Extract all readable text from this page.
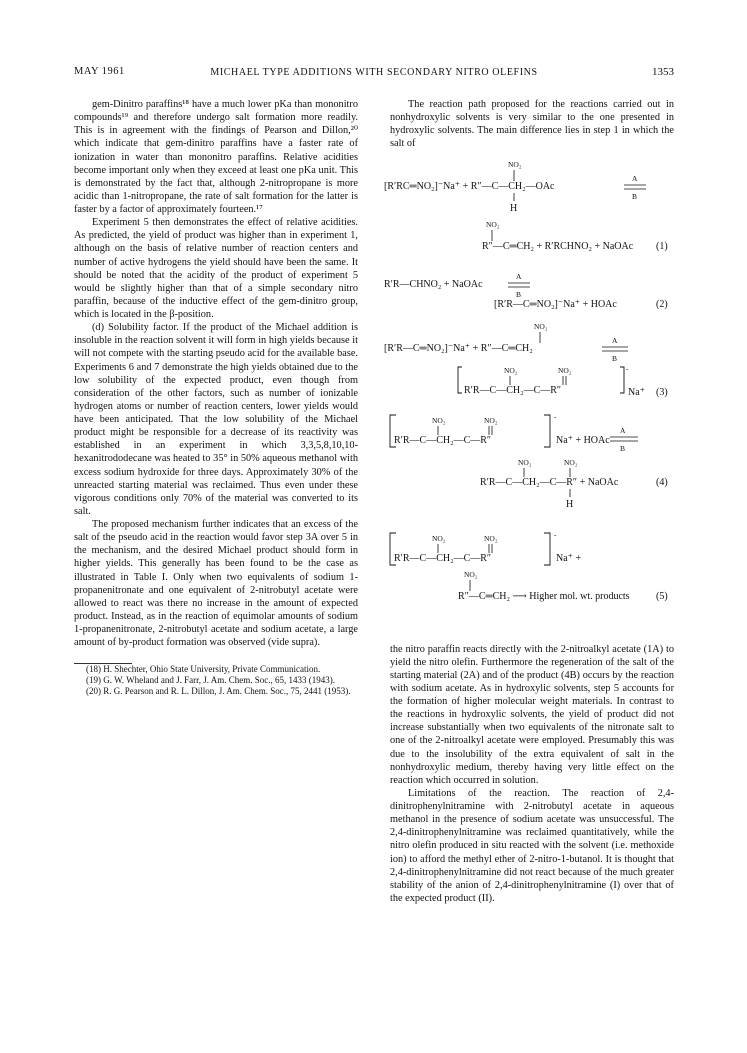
MAY 1961	MICHAEL TYPE ADDITIONS WITH SECONDARY NITRO OLEFINS	1353

gem-Dinitro paraffins¹⁸ have a much lower pKa than mononitro compounds¹⁹ and therefore undergo salt formation more readily. This is in agreement with the findings of Pearson and Dillon,²⁰ which indicate that gem-dinitro paraffins have a faster rate of ionization in water than mononitro paraffins. Relative acidities become important only when they exceed at least one pKa unit. This is demonstrated by the fact that, although 2-nitropropane is more acidic than 1-nitropropane, the rate of salt formation for the latter is faster by a factor of approximately fourteen.¹⁷

Experiment 5 then demonstrates the effect of relative acidities. As predicted, the yield of product was higher than in experiment 1, although on the basis of relative number of reaction centers and number of active hydrogens the yield should have been the same. It should be noted that the acidity of the product of experiment 5 would be slightly higher than that of a simple secondary nitro paraffin, because of the inductive effect of the gem-dinitro group, which is located in the β-position.

(d) Solubility factor. If the product of the Michael addition is insoluble in the reaction solvent it will form in high yields because it will not compete with the starting pseudo acid for the available base. Experiments 6 and 7 demonstrate the high yields obtained due to the low solubility of the expected product, even though from consideration of the other factors, such as number of ionizable hydrogen atoms or number of reaction centers, lower yields would have been anticipated. That the low solubility of the Michael product might be responsible for a decrease of its reactivity was established in an experiment in which 3,3,5,8,10,10-hexanitrododecane was heated to 35° in 50% aqueous methanol with excess sodium hydroxide for three days. Approximately 30% of the unreacted starting material was reclaimed. Thus even under these vigorous conditions only 70% of the material was converted to its salt.

The proposed mechanism further indicates that an excess of the salt of the pseudo acid in the reaction would favor step 3A over 5 in the mechanism, and the desired Michael product should form in higher yields. This generally has been found to be the case as illustrated in Table I. Only when two equivalents of sodium 1-propanenitronate and one equivalent of 2-nitrobutyl acetate were allowed to react was there no increase in the amount of expected product. Instead, as in the reaction of equimolar amounts of sodium 1-propanenitronate, 2-nitrobutyl acetate and sodium acetate, a large amount of by-product formation was observed (vide supra).

(18) H. Shechter, Ohio State University, Private Communication.

(19) G. W. Wheland and J. Farr, J. Am. Chem. Soc., 65, 1433 (1943).

(20) R. G. Pearson and R. L. Dillon, J. Am. Chem. Soc., 75, 2441 (1953).

The reaction path proposed for the reactions carried out in nonhydroxylic solvents is very similar to the one presented in hydroxylic solvents. The main difference lies in step 1 in which the salt of

NO₂
[R′RC═NO₂]⁻Na⁺ + R″—C—CH₂—OAc
H
A
B
NO₂
R″—C═CH₂ + R′RCHNO₂ + NaOAc (1)
R′R—CHNO₂ + NaOAc
A
B
[R′R—C═NO₂]⁻Na⁺ + HOAc	(2)
NO₂
[R′R—C═NO₂]⁻Na⁺ + R″—C═CH₂
A
B
NO₂	NO₂
R′R—C—CH₂—C—R″
-
Na⁺ (3)
NO₂	NO₂
R′R—C—CH₂—C—R″
-
Na⁺ + HOAc
A
B
NO₂	NO₂
R′R—C—CH₂—C—R″ + NaOAc
H
(4)
NO₂	NO₂
R′R—C—CH₂—C—R″
-
Na⁺ +
NO₂
R″—C═CH₂ ⟶ Higher mol. wt. products	(5)

the nitro paraffin reacts directly with the 2-nitroalkyl acetate (1A) to yield the nitro olefin. Furthermore the regeneration of the salt of the starting material (2A) and of the product (4B) occurs by the reaction with sodium acetate. As in hydroxylic solvents, step 5 accounts for the formation of higher molecular weight materials. In contrast to the reactions in hydroxylic solvents, the yield of product did not increase substantially when two equivalents of the nitronate salt to one of the 2-nitroalkyl acetate were employed. Presumably this was due to the insolubility of the extra equivalent of salt in the nonhydroxylic medium, thereby having very little effect on the reaction which occurred in solution.

Limitations of the reaction. The reaction of 2,4-dinitrophenylnitramine with 2-nitrobutyl acetate in aqueous methanol in the presence of sodium acetate was unsuccessful. The 2,4-dinitrophenylnitramine was reclaimed quantitatively, while the nitro olefin produced in situ reacted with the solvent (i.e. methoxide ion) to afford the methyl ether of 2-nitro-1-butanol. It is thought that 2,4-dinitrophenylnitramine did not react because of the much greater stability of the anion of 2,4-dinitrophenylnitramine (I) over that of the expected product (II).
